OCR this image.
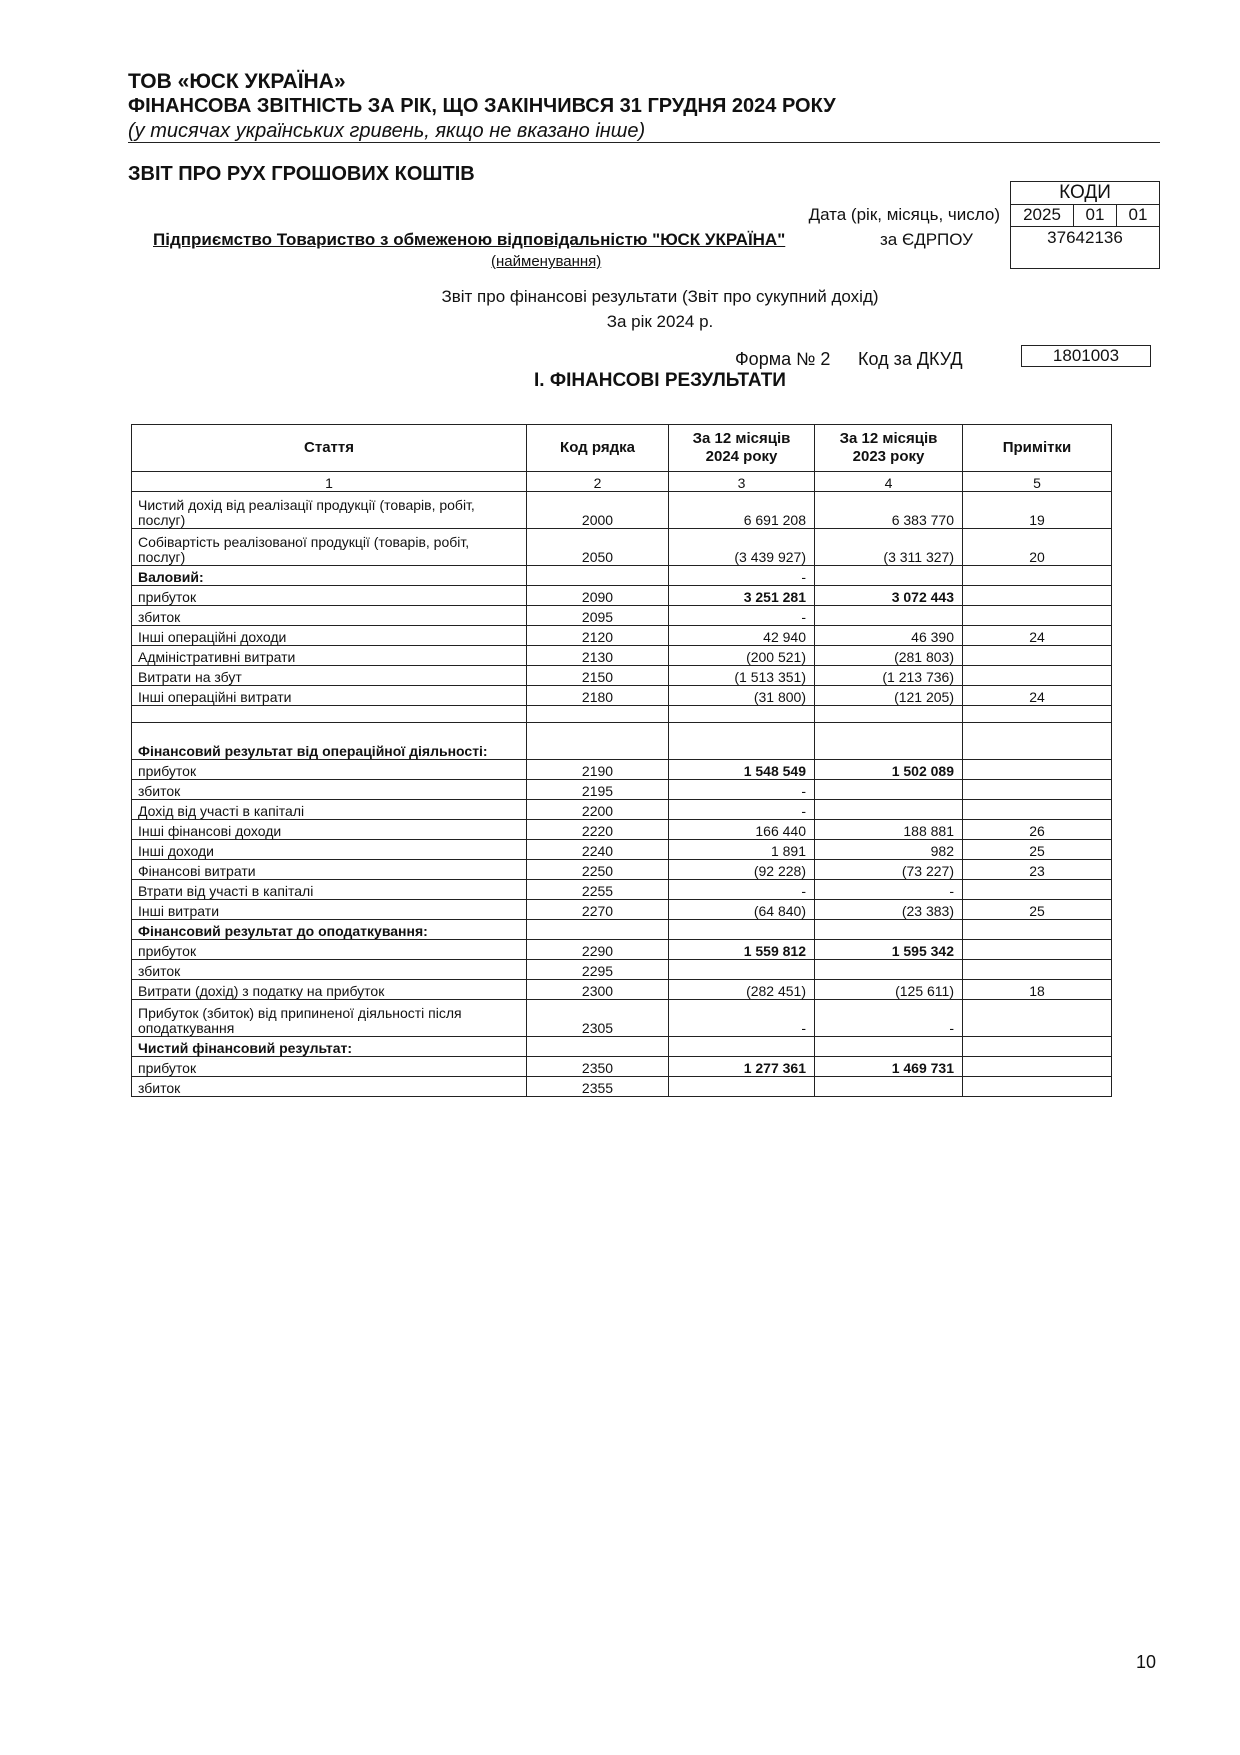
ТОВ «ЮСК УКРАЇНА»
ФІНАНСОВА ЗВІТНІСТЬ ЗА РІК, ЩО ЗАКІНЧИВСЯ 31 ГРУДНЯ 2024 РОКУ
(у тисячах українських гривень, якщо не вказано інше)
ЗВІТ ПРО РУХ ГРОШОВИХ КОШТІВ
КОДИ
2025	01	01
37642136
Дата (рік, місяць, число)
Підприємство Товариство з обмеженою відповідальністю "ЮСК УКРАЇНА"	за ЄДРПОУ
(найменування)
Звіт про фінансові результати (Звіт про сукупний дохід)
За рік 2024 р.
Форма № 2 Код за ДКУД	1801003
I. ФІНАНСОВІ РЕЗУЛЬТАТИ
Стаття	Код рядка	За 12 місяців 2024 року	За 12 місяців 2023 року	Примітки
1	2	3	4	5
Чистий дохід від реалізації продукції (товарів, робіт, послуг)	2000	6 691 208	6 383 770	19
Собівартість реалізованої продукції (товарів, робіт, послуг)	2050	(3 439 927)	(3 311 327)	20
Валовий:		-		
прибуток	2090	3 251 281	3 072 443	
збиток	2095	-		
Інші операційні доходи	2120	42 940	46 390	24
Адміністративні витрати	2130	(200 521)	(281 803)	
Витрати на збут	2150	(1 513 351)	(1 213 736)	
Інші операційні витрати	2180	(31 800)	(121 205)	24

Фінансовий результат від операційної діяльності:				
прибуток	2190	1 548 549	1 502 089	
збиток	2195	-		
Дохід від участі в капіталі	2200	-		
Інші фінансові доходи	2220	166 440	188 881	26
Інші доходи	2240	1 891	982	25
Фінансові витрати	2250	(92 228)	(73 227)	23
Втрати від участі в капіталі	2255	-	-	
Інші витрати	2270	(64 840)	(23 383)	25
Фінансовий результат до оподаткування:				
прибуток	2290	1 559 812	1 595 342	
збиток	2295			
Витрати (дохід) з податку на прибуток	2300	(282 451)	(125 611)	18
Прибуток (збиток) від припиненої діяльності після оподаткування	2305	-	-	
Чистий фінансовий результат:				
прибуток	2350	1 277 361	1 469 731	
збиток	2355			
10
